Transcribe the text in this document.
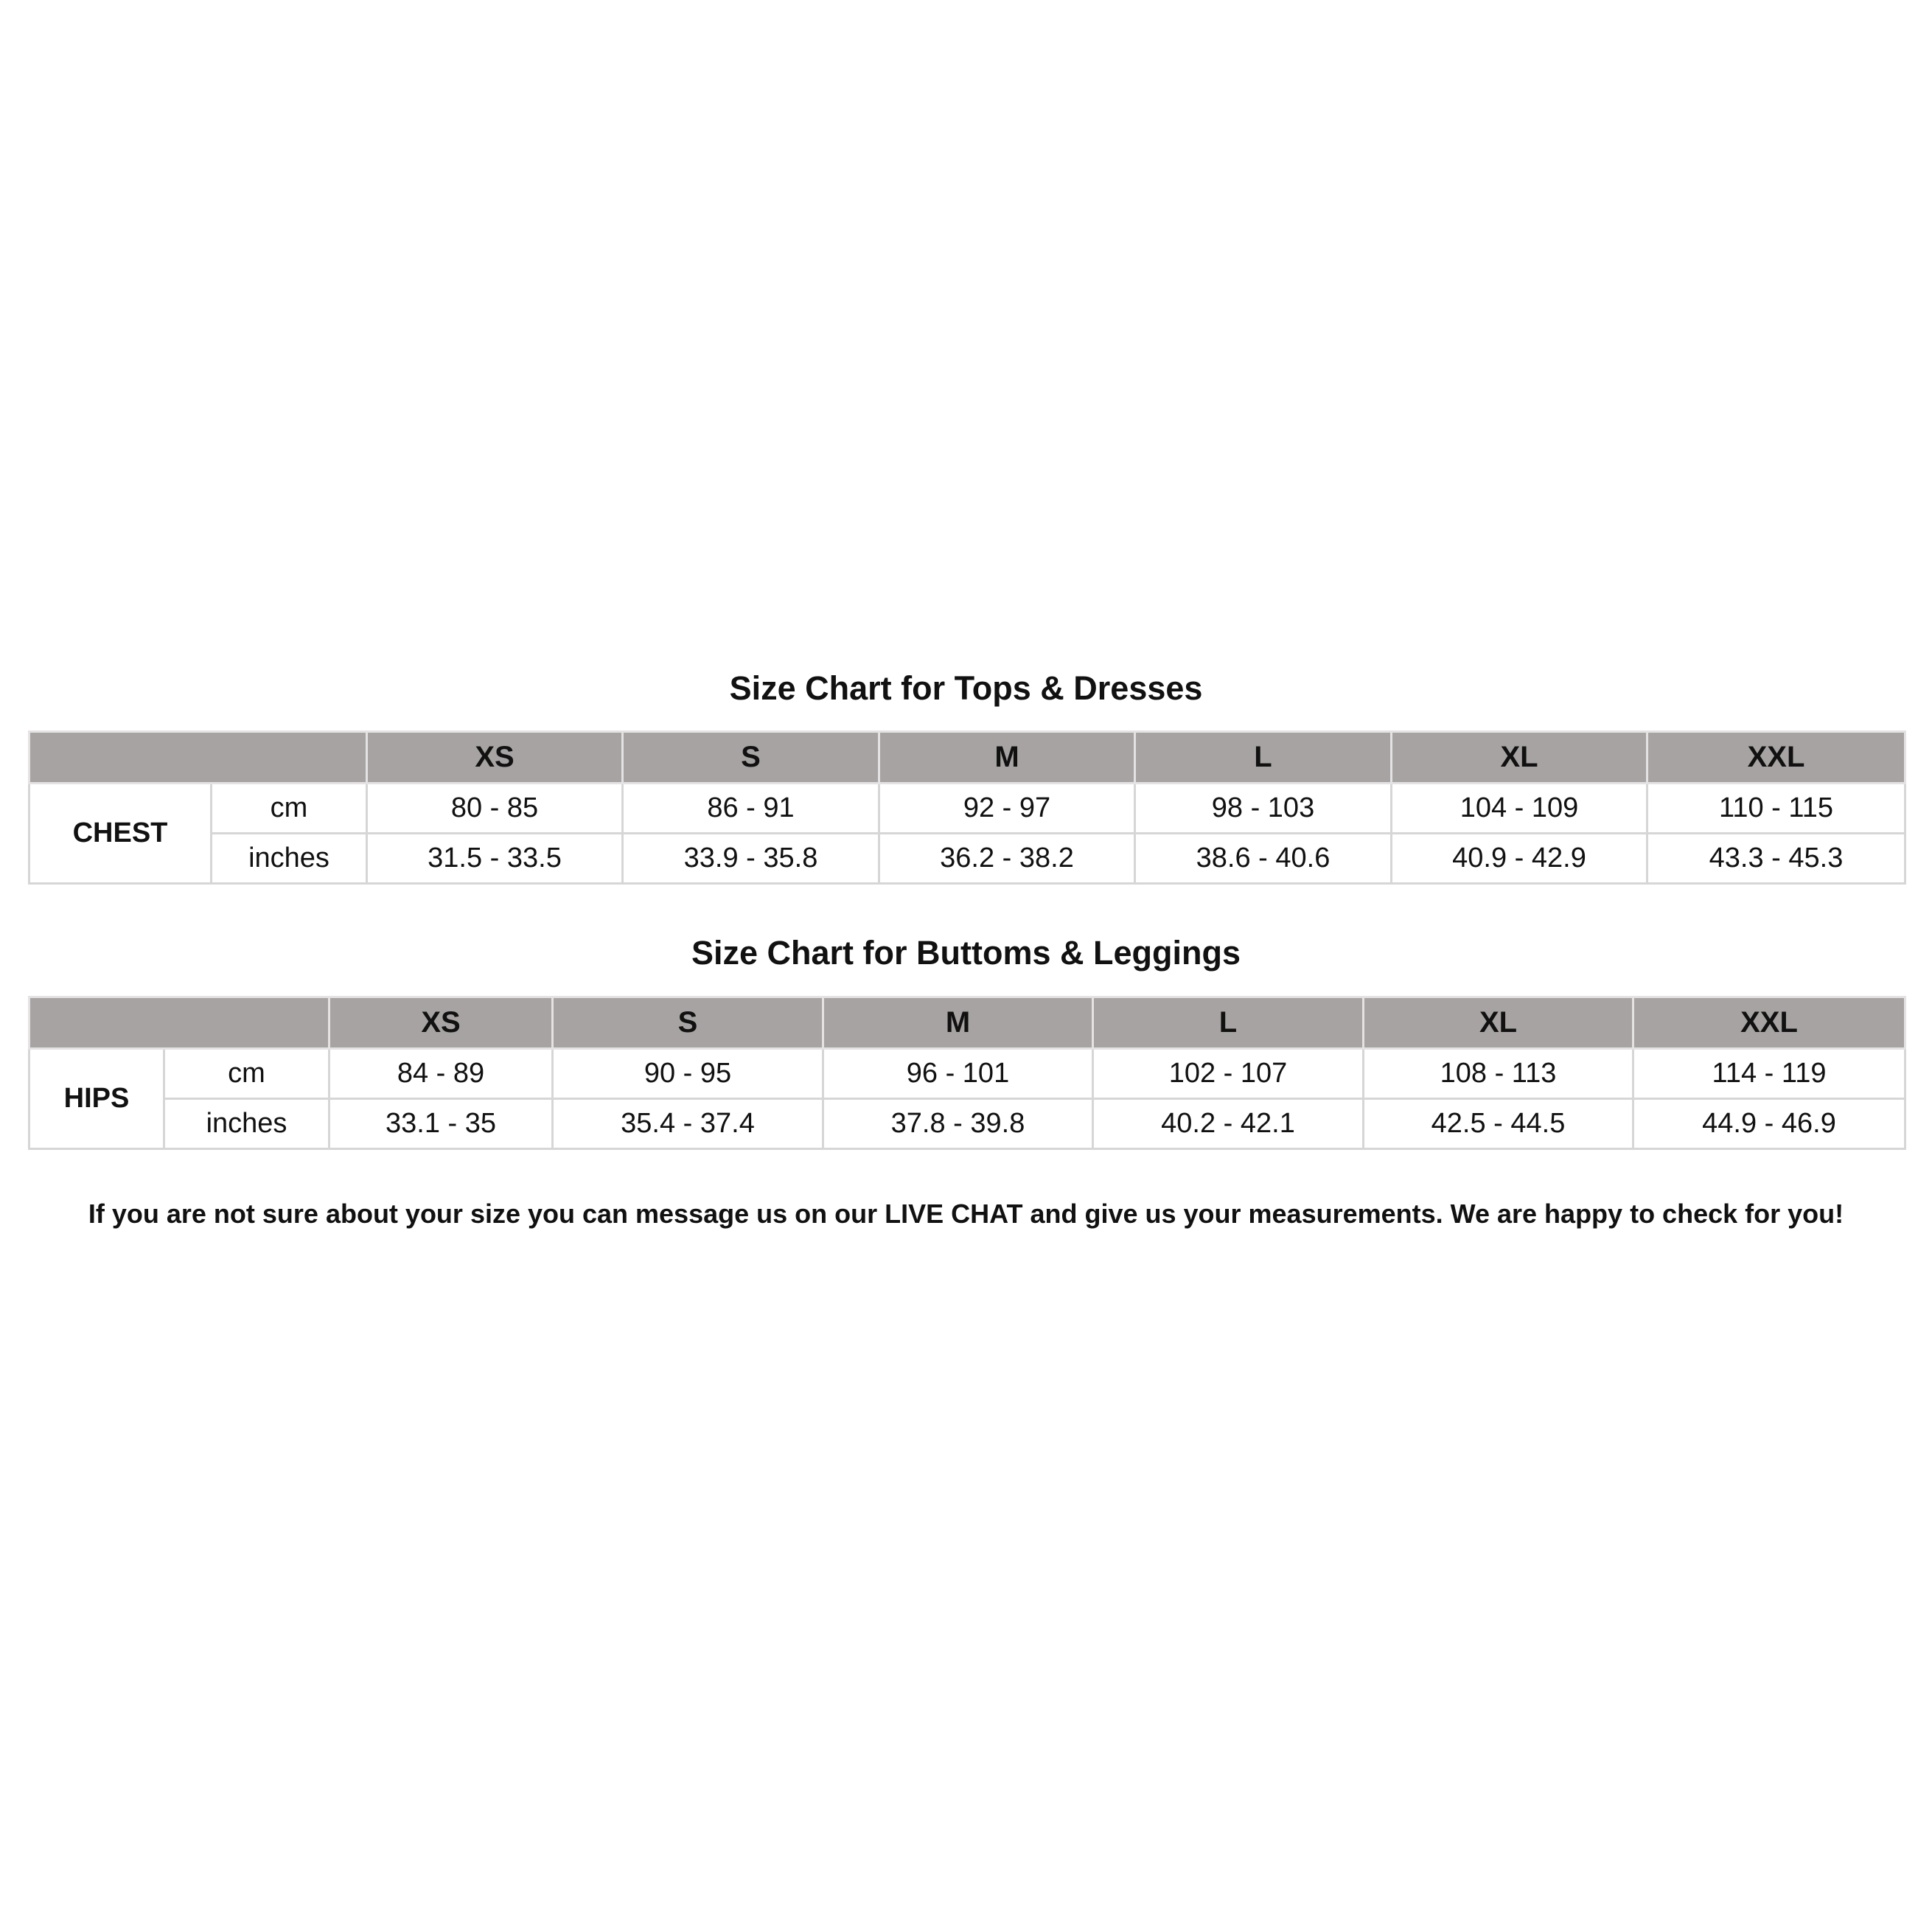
Size Chart for Tops & Dresses
		XS	S	M	L	XL	XXL
CHEST	cm	80 - 85	86 - 91	92 - 97	98 - 103	104 - 109	110 - 115
	inches	31.5 - 33.5	33.9 - 35.8	36.2 - 38.2	38.6 - 40.6	40.9 - 42.9	43.3 - 45.3
Size Chart for Buttoms & Leggings
		XS	S	M	L	XL	XXL
HIPS	cm	84 - 89	90 - 95	96 - 101	102 - 107	108 - 113	114 - 119
	inches	33.1 - 35	35.4 - 37.4	37.8 - 39.8	40.2 - 42.1	42.5 - 44.5	44.9 - 46.9

If you are not sure about your size you can message us on our LIVE CHAT and give us your measurements. We are happy to check for you!
